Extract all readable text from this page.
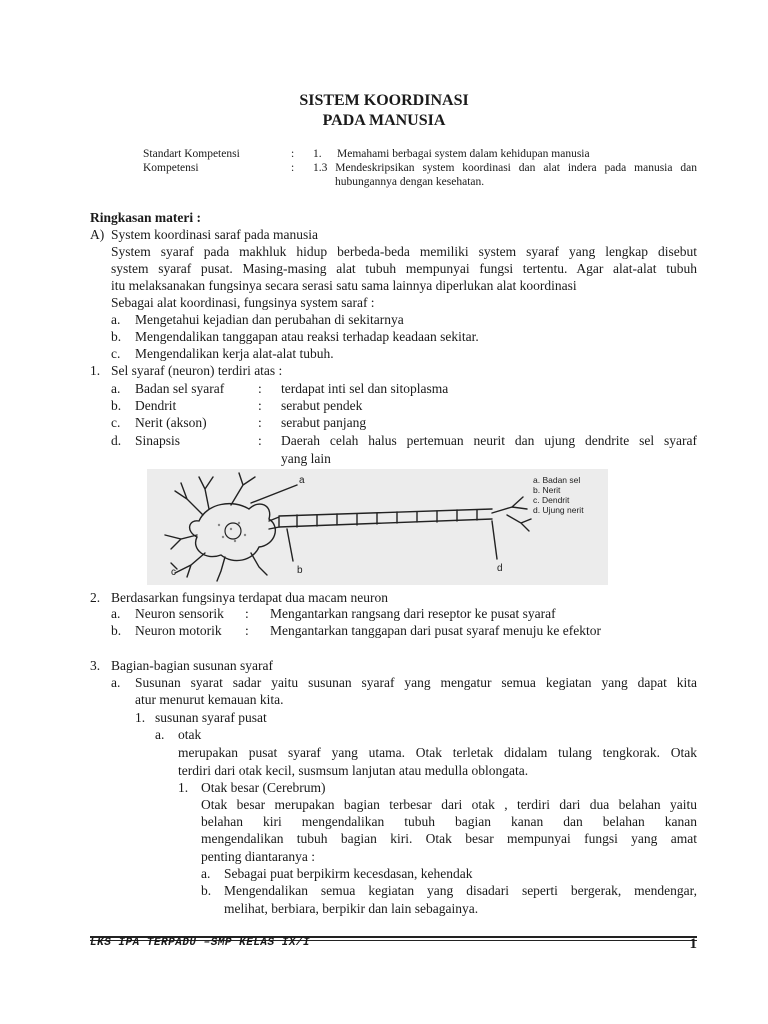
SISTEM KOORDINASI
PADA MANUSIA
Standart Kompetensi	: 1. Memahami berbagai system dalam kehidupan manusia
Kompetensi	: 1.3 Mendeskripsikan system koordinasi dan alat indera pada manusia dan
hubungannya dengan kesehatan.
Ringkasan materi :
A) System koordinasi saraf pada manusia
System syaraf pada makhluk hidup berbeda-beda memiliki system syaraf yang lengkap disebut
system syaraf pusat. Masing-masing alat tubuh mempunyai fungsi tertentu. Agar alat-alat tubuh
itu melaksanakan fungsinya secara serasi satu sama lainnya diperlukan alat koordinasi
Sebagai alat koordinasi, fungsinya system saraf :
a. Mengetahui kejadian dan perubahan di sekitarnya
b. Mengendalikan tanggapan atau reaksi terhadap keadaan sekitar.
c. Mengendalikan kerja alat-alat tubuh.
1. Sel syaraf (neuron) terdiri atas :
a. Badan sel syaraf	: terdapat inti sel dan sitoplasma
b. Dendrit	: serabut pendek
c. Nerit (akson)	: serabut panjang
d. Sinapsis	: Daerah celah halus pertemuan neurit dan ujung dendrite sel syaraf
yang lain
a
b
c	d
a. Badan sel
b. Nerit
c. Dendrit
d. Ujung nerit
2. Berdasarkan fungsinya terdapat dua macam neuron
a. Neuron sensorik : Mengantarkan rangsang dari reseptor ke pusat syaraf
b. Neuron motorik : Mengantarkan tanggapan dari pusat syaraf menuju ke efektor
3. Bagian-bagian susunan syaraf
a. Susunan syarat sadar yaitu susunan syaraf yang mengatur semua kegiatan yang dapat kita
atur menurut kemauan kita.
1. susunan syaraf pusat
a. otak
merupakan pusat syaraf yang utama. Otak terletak didalam tulang tengkorak. Otak
terdiri dari otak kecil, susmsum lanjutan atau medulla oblongata.
1. Otak besar (Cerebrum)
Otak besar merupakan bagian terbesar dari otak , terdiri dari dua belahan yaitu
belahan kiri mengendalikan tubuh bagian kanan dan belahan kanan
mengendalikan tubuh bagian kiri. Otak besar mempunyai fungsi yang amat
penting diantaranya :
a. Sebagai puat berpikirm kecesdasan, kehendak
b. Mengendalikan semua kegiatan yang disadari seperti bergerak, mendengar,
melihat, berbiara, berpikir dan lain sebagainya.
LKS IPA TERPADU –SMP KELAS IX/I	1
